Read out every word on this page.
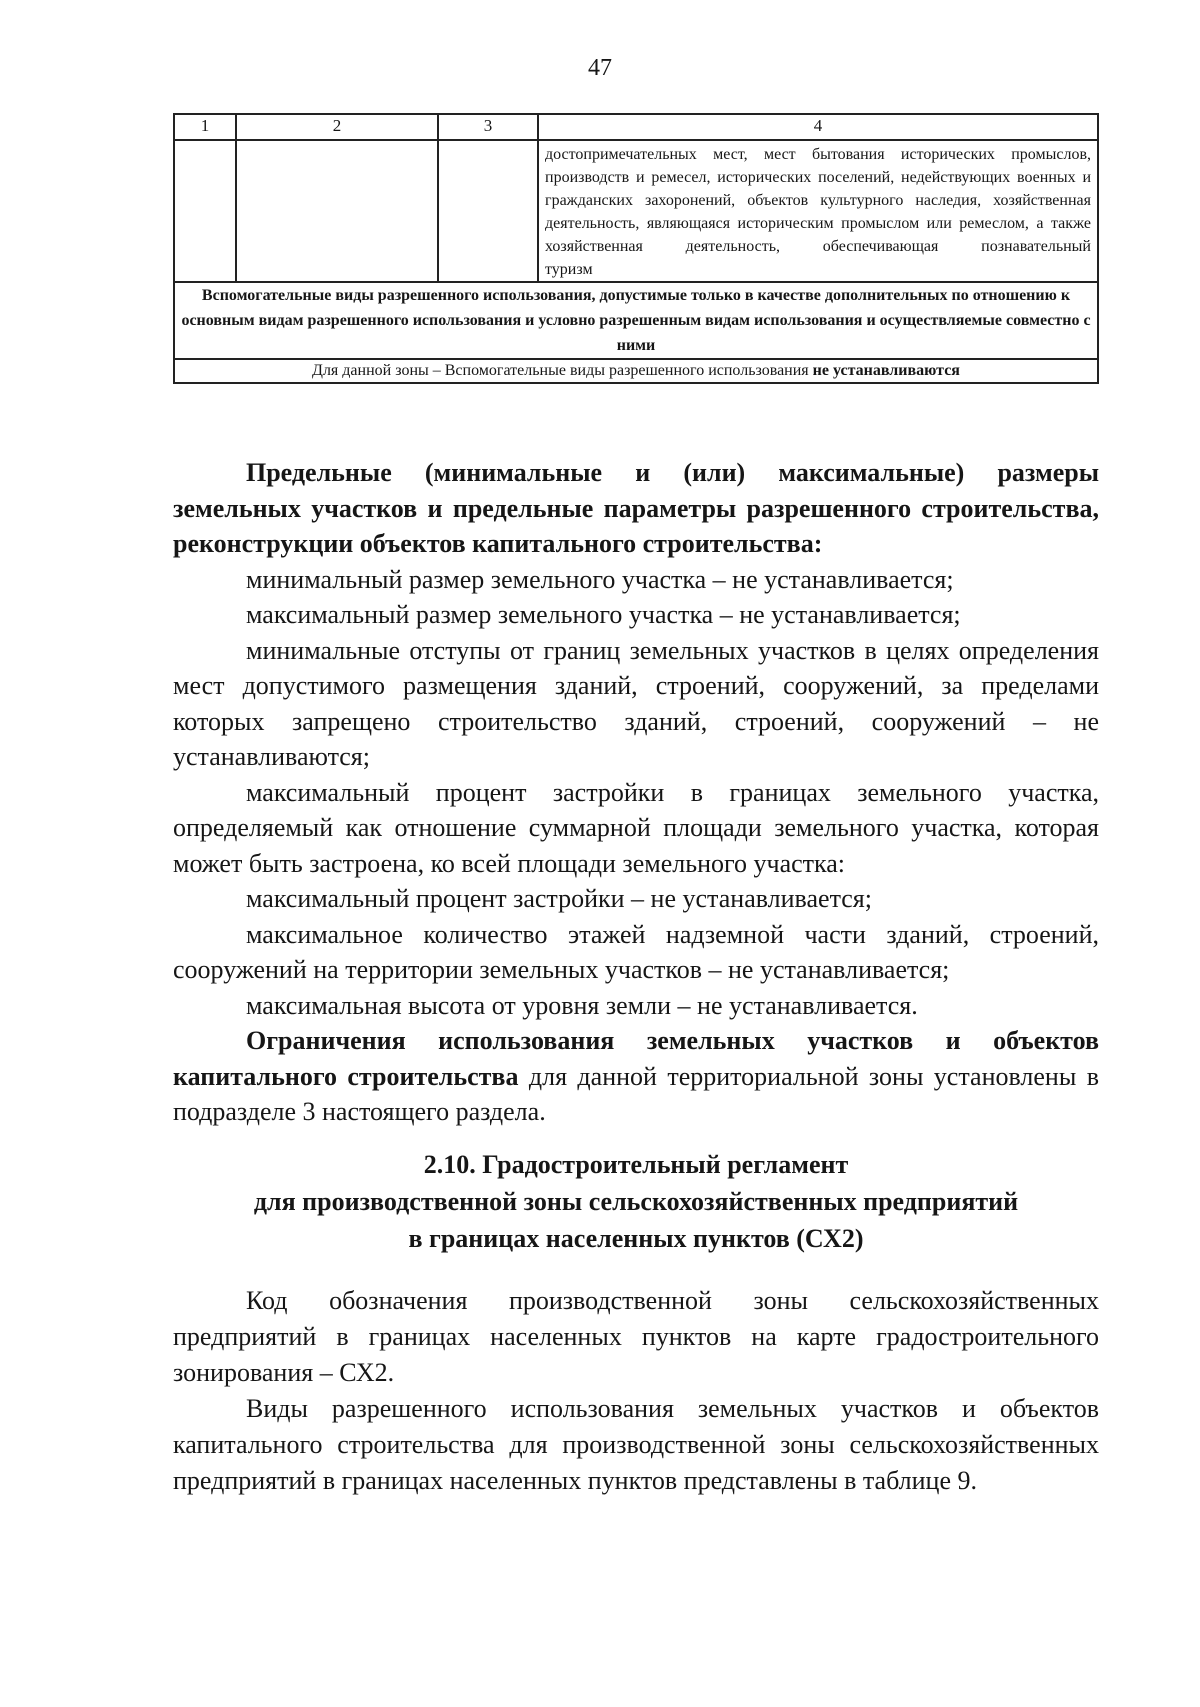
47
1	2	3	4

			достопримечательных мест, мест бытования исторических промыслов, производств и ремесел, исторических поселений, недействующих военных и гражданских захоронений, объектов культурного наследия, хозяйственная деятельность, являющаяся историческим промыслом или ремеслом, а также хозяйственная деятельность, обеспечивающая познавательный
туризм

Вспомогательные виды разрешенного использования, допустимые только в качестве дополнительных по отношению к основным видам разрешенного использования и условно разрешенным видам использования и осуществляемые совместно с ними			
Для данной зоны – Вспомогательные виды разрешенного использования не устанавливаются			

Предельные (минимальные и (или) максимальные) размеры земельных участков и предельные параметры разрешенного строительства, реконструкции объектов капитального строительства:

минимальный размер земельного участка – не устанавливается;

максимальный размер земельного участка – не устанавливается;

минимальные отступы от границ земельных участков в целях определения мест допустимого размещения зданий, строений, сооружений, за пределами которых запрещено строительство зданий, строений, сооружений – не устанавливаются;

максимальный процент застройки в границах земельного участка, определяемый как отношение суммарной площади земельного участка, которая может быть застроена, ко всей площади земельного участка:

максимальный процент застройки – не устанавливается;

максимальное количество этажей надземной части зданий, строений, сооружений на территории земельных участков – не устанавливается;

максимальная высота от уровня земли – не устанавливается.

Ограничения использования земельных участков и объектов капитального строительства для данной территориальной зоны установлены в подразделе 3 настоящего раздела.

2.10. Градостроительный регламент
для производственной зоны сельскохозяйственных предприятий
в границах населенных пунктов (СХ2)

Код обозначения производственной зоны сельскохозяйственных предприятий в границах населенных пунктов на карте градостроительного зонирования – СХ2.

Виды разрешенного использования земельных участков и объектов капитального строительства для производственной зоны сельскохозяйственных предприятий в границах населенных пунктов представлены в таблице 9.
